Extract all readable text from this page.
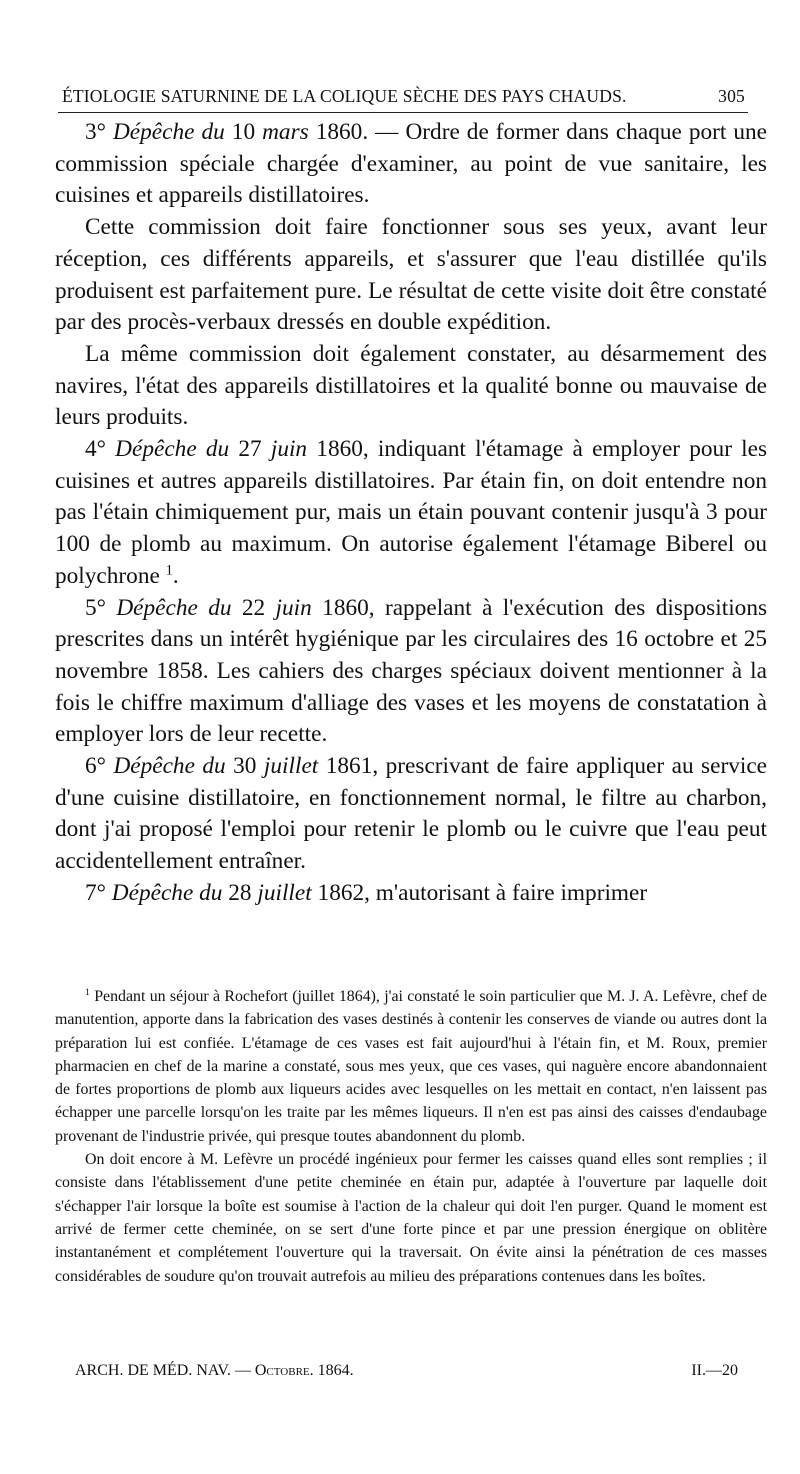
ÉTIOLOGIE SATURNINE DE LA COLIQUE SÈCHE DES PAYS CHAUDS.	305

3° Dépêche du 10 mars 1860. — Ordre de former dans chaque port une commission spéciale chargée d'examiner, au point de vue sanitaire, les cuisines et appareils distillatoires.

Cette commission doit faire fonctionner sous ses yeux, avant leur réception, ces différents appareils, et s'assurer que l'eau distillée qu'ils produisent est parfaitement pure. Le résultat de cette visite doit être constaté par des procès-verbaux dressés en double expédition.

La même commission doit également constater, au désarmement des navires, l'état des appareils distillatoires et la qualité bonne ou mauvaise de leurs produits.

4° Dépêche du 27 juin 1860, indiquant l'étamage à employer pour les cuisines et autres appareils distillatoires. Par étain fin, on doit entendre non pas l'étain chimiquement pur, mais un étain pouvant contenir jusqu'à 3 pour 100 de plomb au maximum. On autorise également l'étamage Biberel ou polychrone $^1$.

5° Dépêche du 22 juin 1860, rappelant à l'exécution des dispositions prescrites dans un intérêt hygiénique par les circulaires des 16 octobre et 25 novembre 1858. Les cahiers des charges spéciaux doivent mentionner à la fois le chiffre maximum d'alliage des vases et les moyens de constatation à employer lors de leur recette.

6° Dépêche du 30 juillet 1861, prescrivant de faire appliquer au service d'une cuisine distillatoire, en fonctionnement normal, le filtre au charbon, dont j'ai proposé l'emploi pour retenir le plomb ou le cuivre que l'eau peut accidentellement entraîner.

7° Dépêche du 28 juillet 1862, m'autorisant à faire imprimer

$^1$ Pendant un séjour à Rochefort (juillet 1864), j'ai constaté le soin particulier que M. J. A. Lefèvre, chef de manutention, apporte dans la fabrication des vases destinés à contenir les conserves de viande ou autres dont la préparation lui est confiée. L'étamage de ces vases est fait aujourd'hui à l'étain fin, et M. Roux, premier pharmacien en chef de la marine a constaté, sous mes yeux, que ces vases, qui naguère encore abandonnaient de fortes proportions de plomb aux liqueurs acides avec lesquelles on les mettait en contact, n'en laissent pas échapper une parcelle lorsqu'on les traite par les mêmes liqueurs. Il n'en est pas ainsi des caisses d'endaubage provenant de l'industrie privée, qui presque toutes abandonnent du plomb.

On doit encore à M. Lefèvre un procédé ingénieux pour fermer les caisses quand elles sont remplies ; il consiste dans l'établissement d'une petite cheminée en étain pur, adaptée à l'ouverture par laquelle doit s'échapper l'air lorsque la boîte est soumise à l'action de la chaleur qui doit l'en purger. Quand le moment est arrivé de fermer cette cheminée, on se sert d'une forte pince et par une pression énergique on oblitère instantanément et complétement l'ouverture qui la traversait. On évite ainsi la pénétration de ces masses considérables de soudure qu'on trouvait autrefois au milieu des préparations contenues dans les boîtes.

ARCH. DE MÉD. NAV. — Octobre. 1864.	II.—20
